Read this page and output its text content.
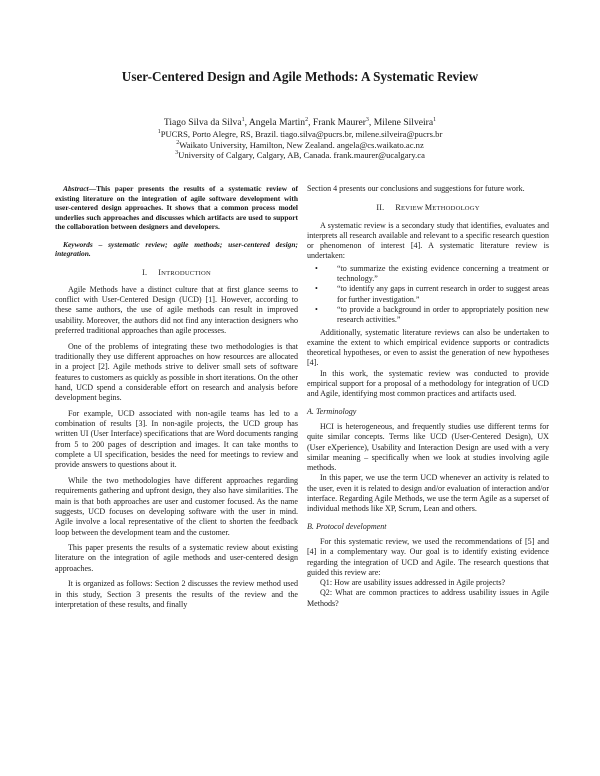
User-Centered Design and Agile Methods: A Systematic Review
Tiago Silva da Silva$^1$, Angela Martin$^2$, Frank Maurer$^3$, Milene Silveira$^1$
$^1$PUCRS, Porto Alegre, RS, Brazil. tiago.silva@pucrs.br, milene.silveira@pucrs.br
$^2$Waikato University, Hamilton, New Zealand. angela@cs.waikato.ac.nz
$^3$University of Calgary, Calgary, AB, Canada. frank.maurer@ucalgary.ca

Abstract—This paper presents the results of a systematic review of existing literature on the integration of agile software development with user-centered design approaches. It shows that a common process model underlies such approaches and discusses which artifacts are used to support the collaboration between designers and developers.

Keywords – systematic review; agile methods; user-centered design; integration.

I. INTRODUCTION

Agile Methods have a distinct culture that at first glance seems to conflict with User-Centered Design (UCD) [1]. However, according to these same authors, the use of agile methods can result in improved usability. Moreover, the authors did not find any interaction designers who preferred traditional approaches than agile processes.

One of the problems of integrating these two methodologies is that traditionally they use different approaches on how resources are allocated in a project [2]. Agile methods strive to deliver small sets of software features to customers as quickly as possible in short iterations. On the other hand, UCD spend a considerable effort on research and analysis before development begins.

For example, UCD associated with non-agile teams has led to a combination of results [3]. In non-agile projects, the UCD group has written UI (User Interface) specifications that are Word documents ranging from 5 to 200 pages of description and images. It can take months to complete a UI specification, besides the need for meetings to review and provide answers to questions about it.

While the two methodologies have different approaches regarding requirements gathering and upfront design, they also have similarities. The main is that both approaches are user and customer focused. As the name suggests, UCD focuses on developing software with the user in mind. Agile involve a local representative of the client to shorten the feedback loop between the development team and the customer.

This paper presents the results of a systematic review about existing literature on the integration of agile methods and user-centered design approaches.

It is organized as follows: Section 2 discusses the review method used in this study, Section 3 presents the results of the review and the interpretation of these results, and finally

Section 4 presents our conclusions and suggestions for future work.

II. REVIEW METHODOLOGY

A systematic review is a secondary study that identifies, evaluates and interprets all research available and relevant to a specific research question or phenomenon of interest [4]. A systematic literature review is undertaken:

• “to summarize the existing evidence concerning a treatment or technology.”
• “to identify any gaps in current research in order to suggest areas for further investigation.”
• “to provide a background in order to appropriately position new research activities.”

Additionally, systematic literature reviews can also be undertaken to examine the extent to which empirical evidence supports or contradicts theoretical hypotheses, or even to assist the generation of new hypotheses [4].

In this work, the systematic review was conducted to provide empirical support for a proposal of a methodology for integration of UCD and Agile, identifying most common practices and artifacts used.

A. Terminology

HCI is heterogeneous, and frequently studies use different terms for quite similar concepts. Terms like UCD (User-Centered Design), UX (User eXperience), Usability and Interaction Design are used with a very similar meaning – specifically when we look at studies involving agile methods.

In this paper, we use the term UCD whenever an activity is related to the user, even it is related to design and/or evaluation of interaction and/or interface. Regarding Agile Methods, we use the term Agile as a superset of individual methods like XP, Scrum, Lean and others.

B. Protocol development

For this systematic review, we used the recommendations of [5] and [4] in a complementary way. Our goal is to identify existing evidence regarding the integration of UCD and Agile. The research questions that guided this review are:

Q1: How are usability issues addressed in Agile projects?

Q2: What are common practices to address usability issues in Agile Methods?
